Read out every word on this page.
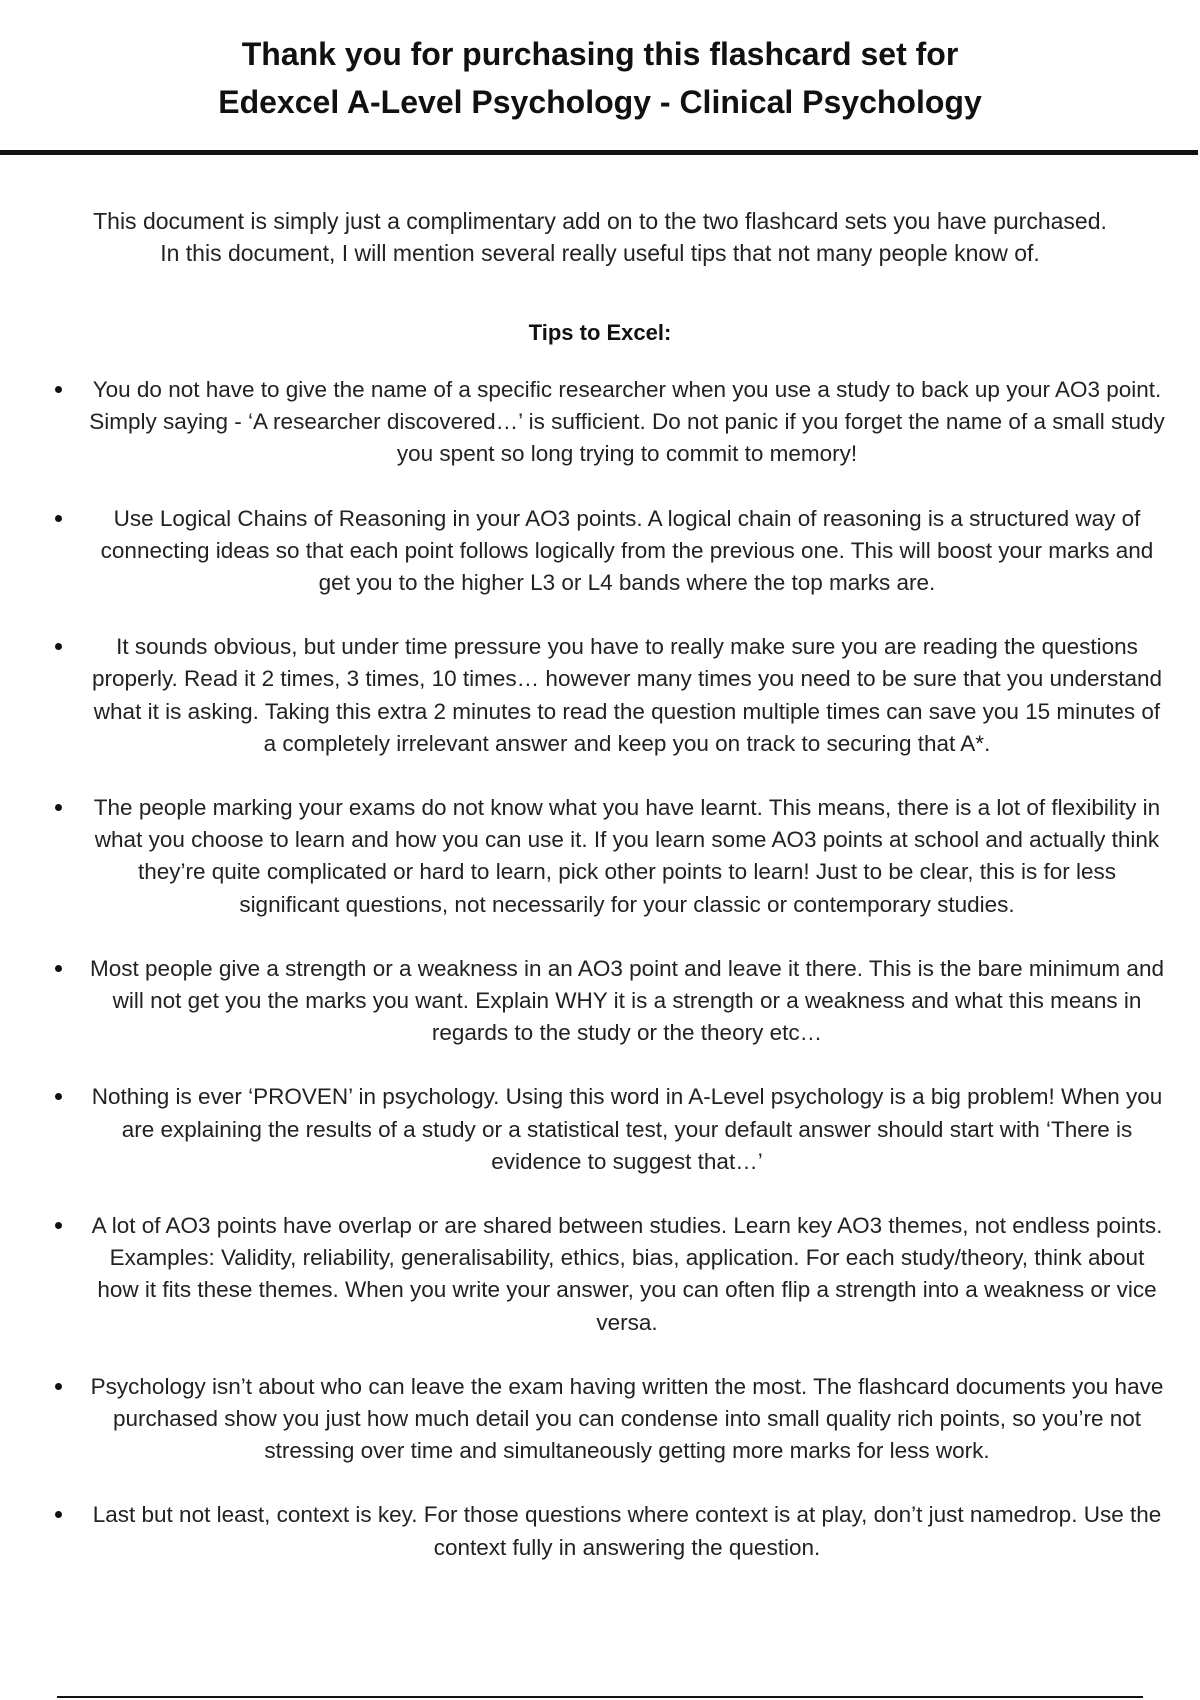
Thank you for purchasing this flashcard set for
Edexcel A-Level Psychology - Clinical Psychology
This document is simply just a complimentary add on to the two flashcard sets you have purchased.
In this document, I will mention several really useful tips that not many people know of.
Tips to Excel:
You do not have to give the name of a specific researcher when you use a study to back up your AO3 point. Simply saying - ‘A researcher discovered…’ is sufficient. Do not panic if you forget the name of a small study you spent so long trying to commit to memory!
Use Logical Chains of Reasoning in your AO3 points. A logical chain of reasoning is a structured way of connecting ideas so that each point follows logically from the previous one. This will boost your marks and get you to the higher L3 or L4 bands where the top marks are.
It sounds obvious, but under time pressure you have to really make sure you are reading the questions properly. Read it 2 times, 3 times, 10 times… however many times you need to be sure that you understand what it is asking. Taking this extra 2 minutes to read the question multiple times can save you 15 minutes of a completely irrelevant answer and keep you on track to securing that A*.
The people marking your exams do not know what you have learnt. This means, there is a lot of flexibility in what you choose to learn and how you can use it. If you learn some AO3 points at school and actually think they’re quite complicated or hard to learn, pick other points to learn! Just to be clear, this is for less significant questions, not necessarily for your classic or contemporary studies.
Most people give a strength or a weakness in an AO3 point and leave it there. This is the bare minimum and will not get you the marks you want. Explain WHY it is a strength or a weakness and what this means in regards to the study or the theory etc…
Nothing is ever ‘PROVEN’ in psychology. Using this word in A-Level psychology is a big problem! When you are explaining the results of a study or a statistical test, your default answer should start with ‘There is evidence to suggest that…’
A lot of AO3 points have overlap or are shared between studies. Learn key AO3 themes, not endless points. Examples: Validity, reliability, generalisability, ethics, bias, application. For each study/theory, think about how it fits these themes. When you write your answer, you can often flip a strength into a weakness or vice versa.
Psychology isn’t about who can leave the exam having written the most. The flashcard documents you have purchased show you just how much detail you can condense into small quality rich points, so you’re not stressing over time and simultaneously getting more marks for less work.
Last but not least, context is key. For those questions where context is at play, don’t just namedrop. Use the context fully in answering the question.
